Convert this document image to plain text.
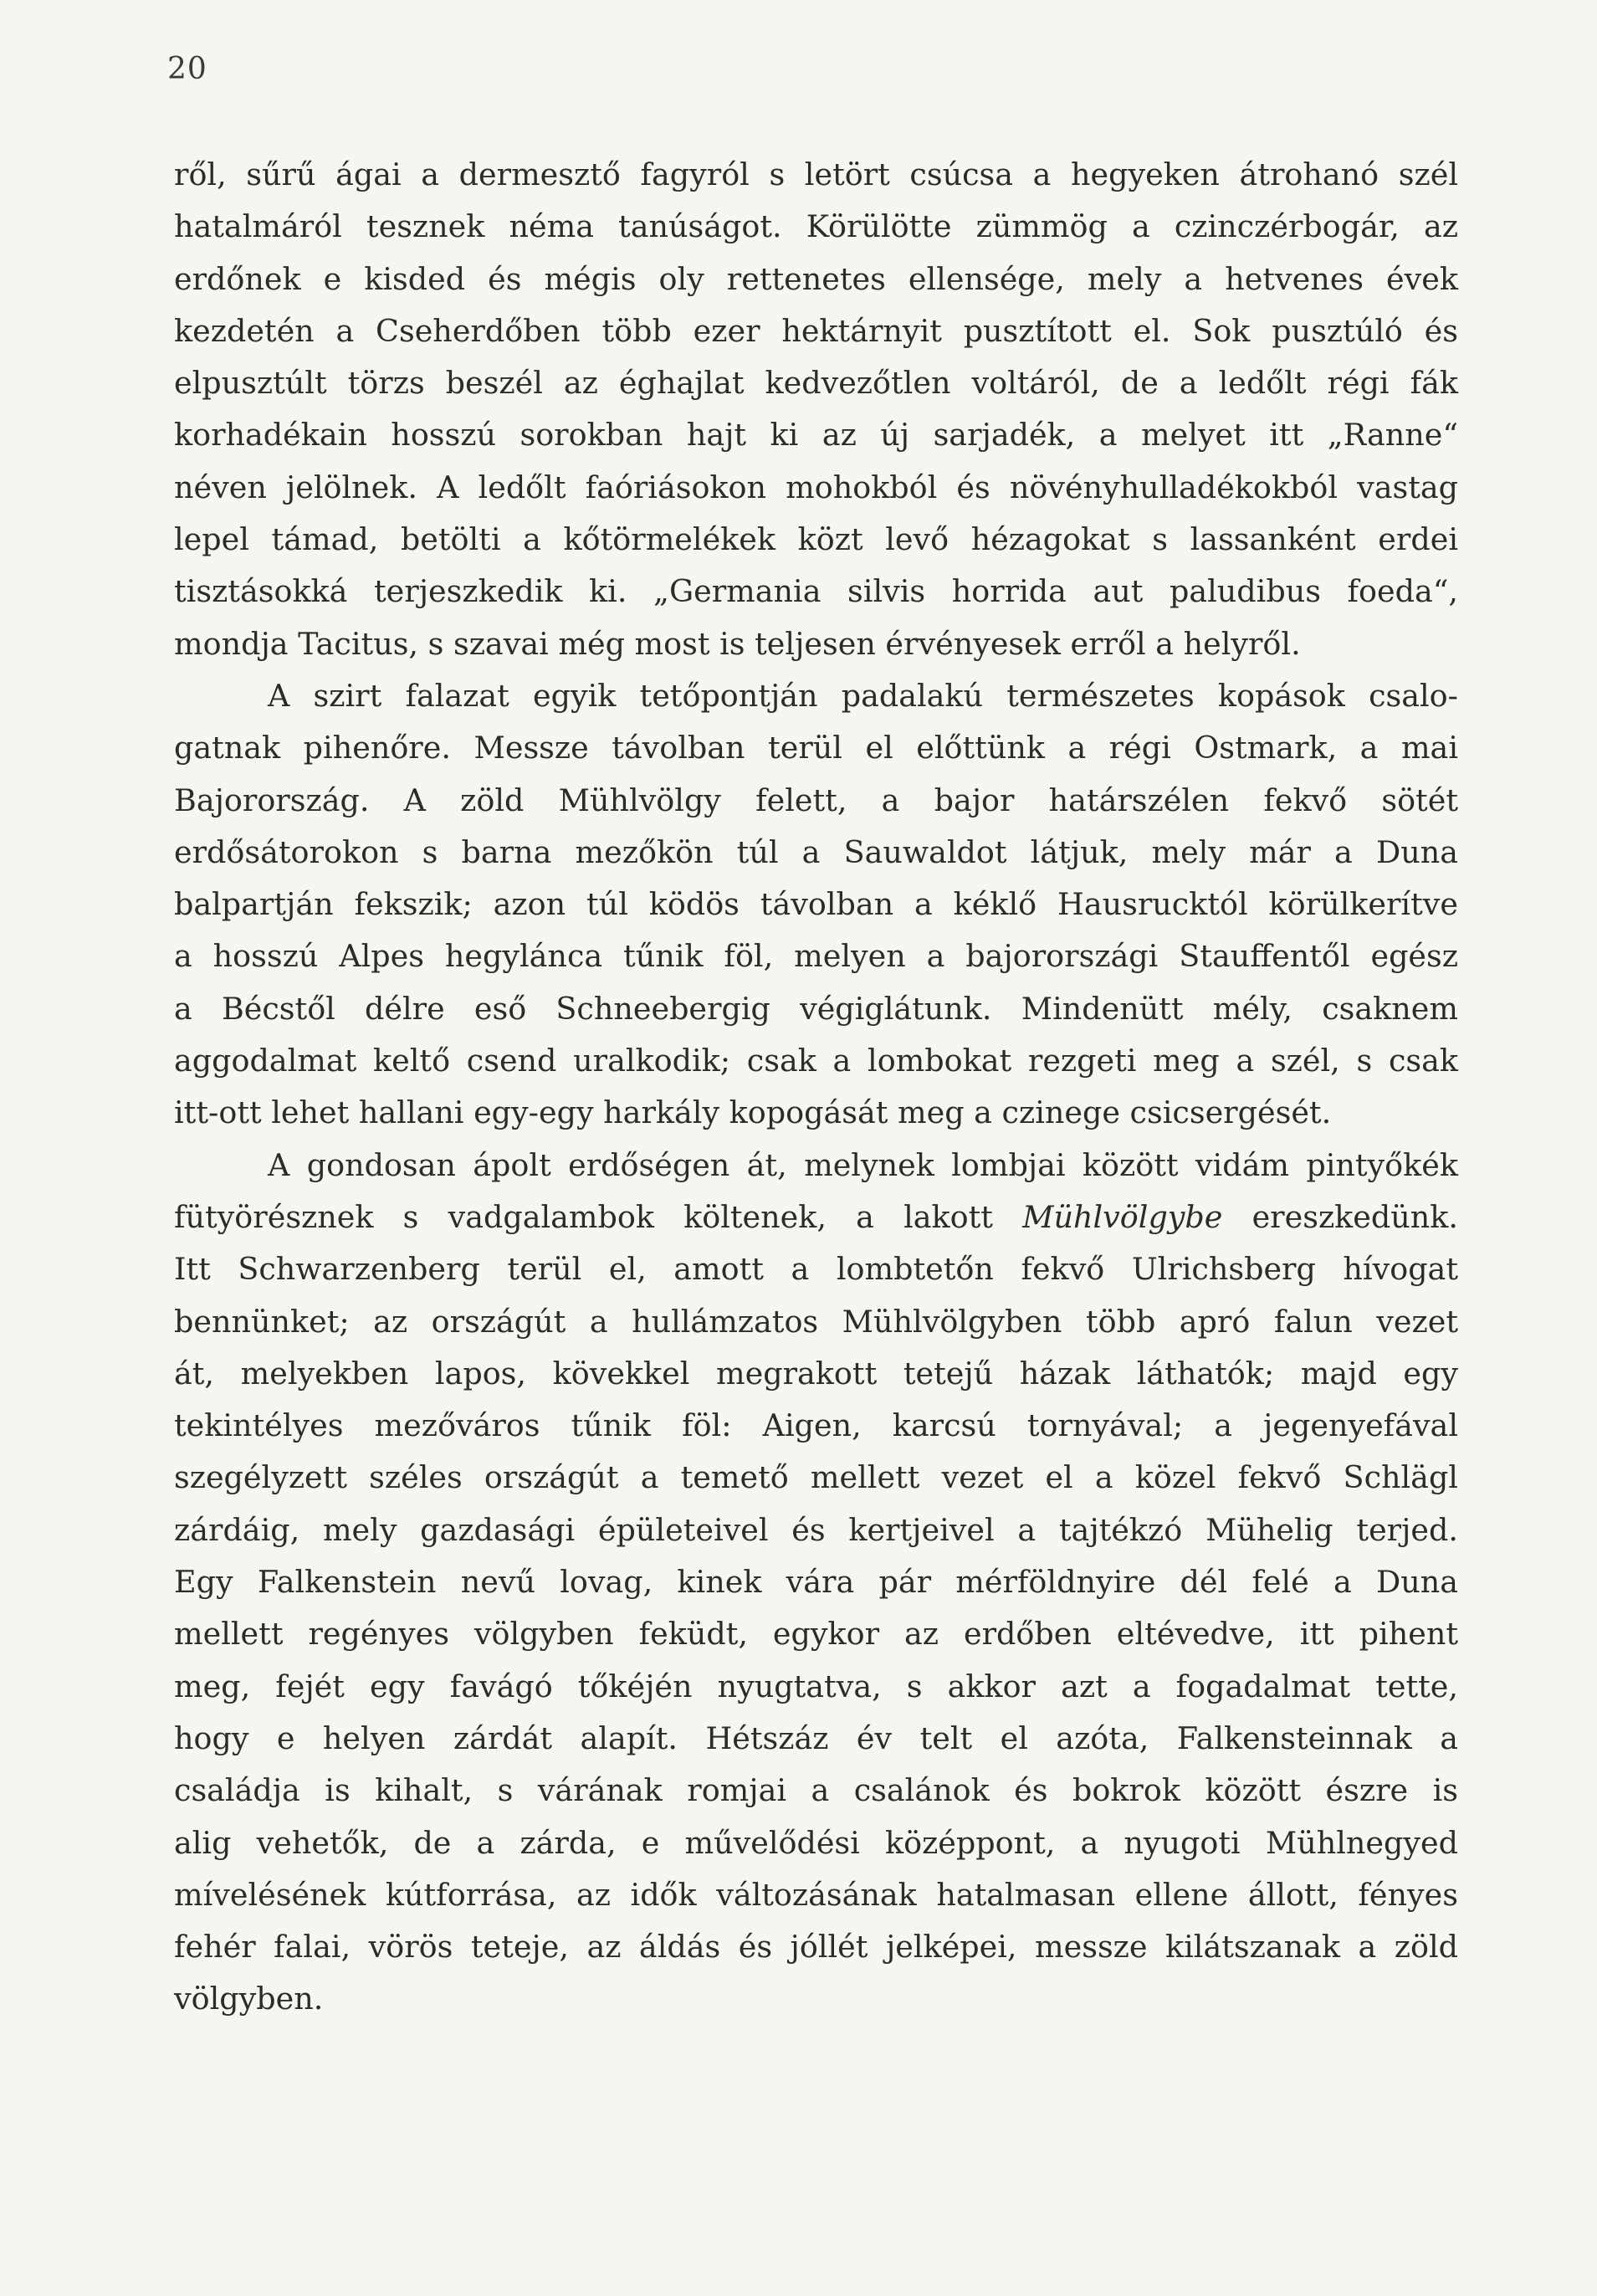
20
ről, sűrű ágai a dermesztő fagyról s letört csúcsa a hegyeken átrohanó szél
hatalmáról tesznek néma tanúságot. Körülötte zümmög a czinczérbogár, az
erdőnek e kisded és mégis oly rettenetes ellensége, mely a hetvenes évek
kezdetén a Cseherdőben több ezer hektárnyit pusztított el. Sok pusztúló és
elpusztúlt törzs beszél az éghajlat kedvezőtlen voltáról, de a ledőlt régi fák
korhadékain hosszú sorokban hajt ki az új sarjadék, a melyet itt „Ranne“
néven jelölnek. A ledőlt faóriásokon mohokból és növényhulladékokból vastag
lepel támad, betölti a kőtörmelékek közt levő hézagokat s lassanként erdei
tisztásokká terjeszkedik ki. „Germania silvis horrida aut paludibus foeda“,
mondja Tacitus, s szavai még most is teljesen érvényesek erről a helyről.
A szirt falazat egyik tetőpontján padalakú természetes kopások csalo-
gatnak pihenőre. Messze távolban terül el előttünk a régi Ostmark, a mai
Bajorország. A zöld Mühlvölgy felett, a bajor határszélen fekvő sötét
erdősátorokon s barna mezőkön túl a Sauwaldot látjuk, mely már a Duna
balpartján fekszik; azon túl ködös távolban a kéklő Hausrucktól körülkerítve
a hosszú Alpes hegylánca tűnik föl, melyen a bajorországi Stauffentől egész
a Bécstől délre eső Schneebergig végiglátunk. Mindenütt mély, csaknem
aggodalmat keltő csend uralkodik; csak a lombokat rezgeti meg a szél, s csak
itt-ott lehet hallani egy-egy harkály kopogását meg a czinege csicsergését.
A gondosan ápolt erdőségen át, melynek lombjai között vidám pintyőkék
fütyörésznek s vadgalambok költenek, a lakott Mühlvölgybe ereszkedünk.
Itt Schwarzenberg terül el, amott a lombtetőn fekvő Ulrichsberg hívogat
bennünket; az országút a hullámzatos Mühlvölgyben több apró falun vezet
át, melyekben lapos, kövekkel megrakott tetejű házak láthatók; majd egy
tekintélyes mezőváros tűnik föl: Aigen, karcsú tornyával; a jegenyefával
szegélyzett széles országút a temető mellett vezet el a közel fekvő Schlägl
zárdáig, mely gazdasági épületeivel és kertjeivel a tajtékzó Mühelig terjed.
Egy Falkenstein nevű lovag, kinek vára pár mérföldnyire dél felé a Duna
mellett regényes völgyben feküdt, egykor az erdőben eltévedve, itt pihent
meg, fejét egy favágó tőkéjén nyugtatva, s akkor azt a fogadalmat tette,
hogy e helyen zárdát alapít. Hétszáz év telt el azóta, Falkensteinnak a
családja is kihalt, s várának romjai a csalánok és bokrok között észre is
alig vehetők, de a zárda, e művelődési középpont, a nyugoti Mühlnegyed
mívelésének kútforrása, az idők változásának hatalmasan ellene állott, fényes
fehér falai, vörös teteje, az áldás és jóllét jelképei, messze kilátszanak a zöld
völgyben.
